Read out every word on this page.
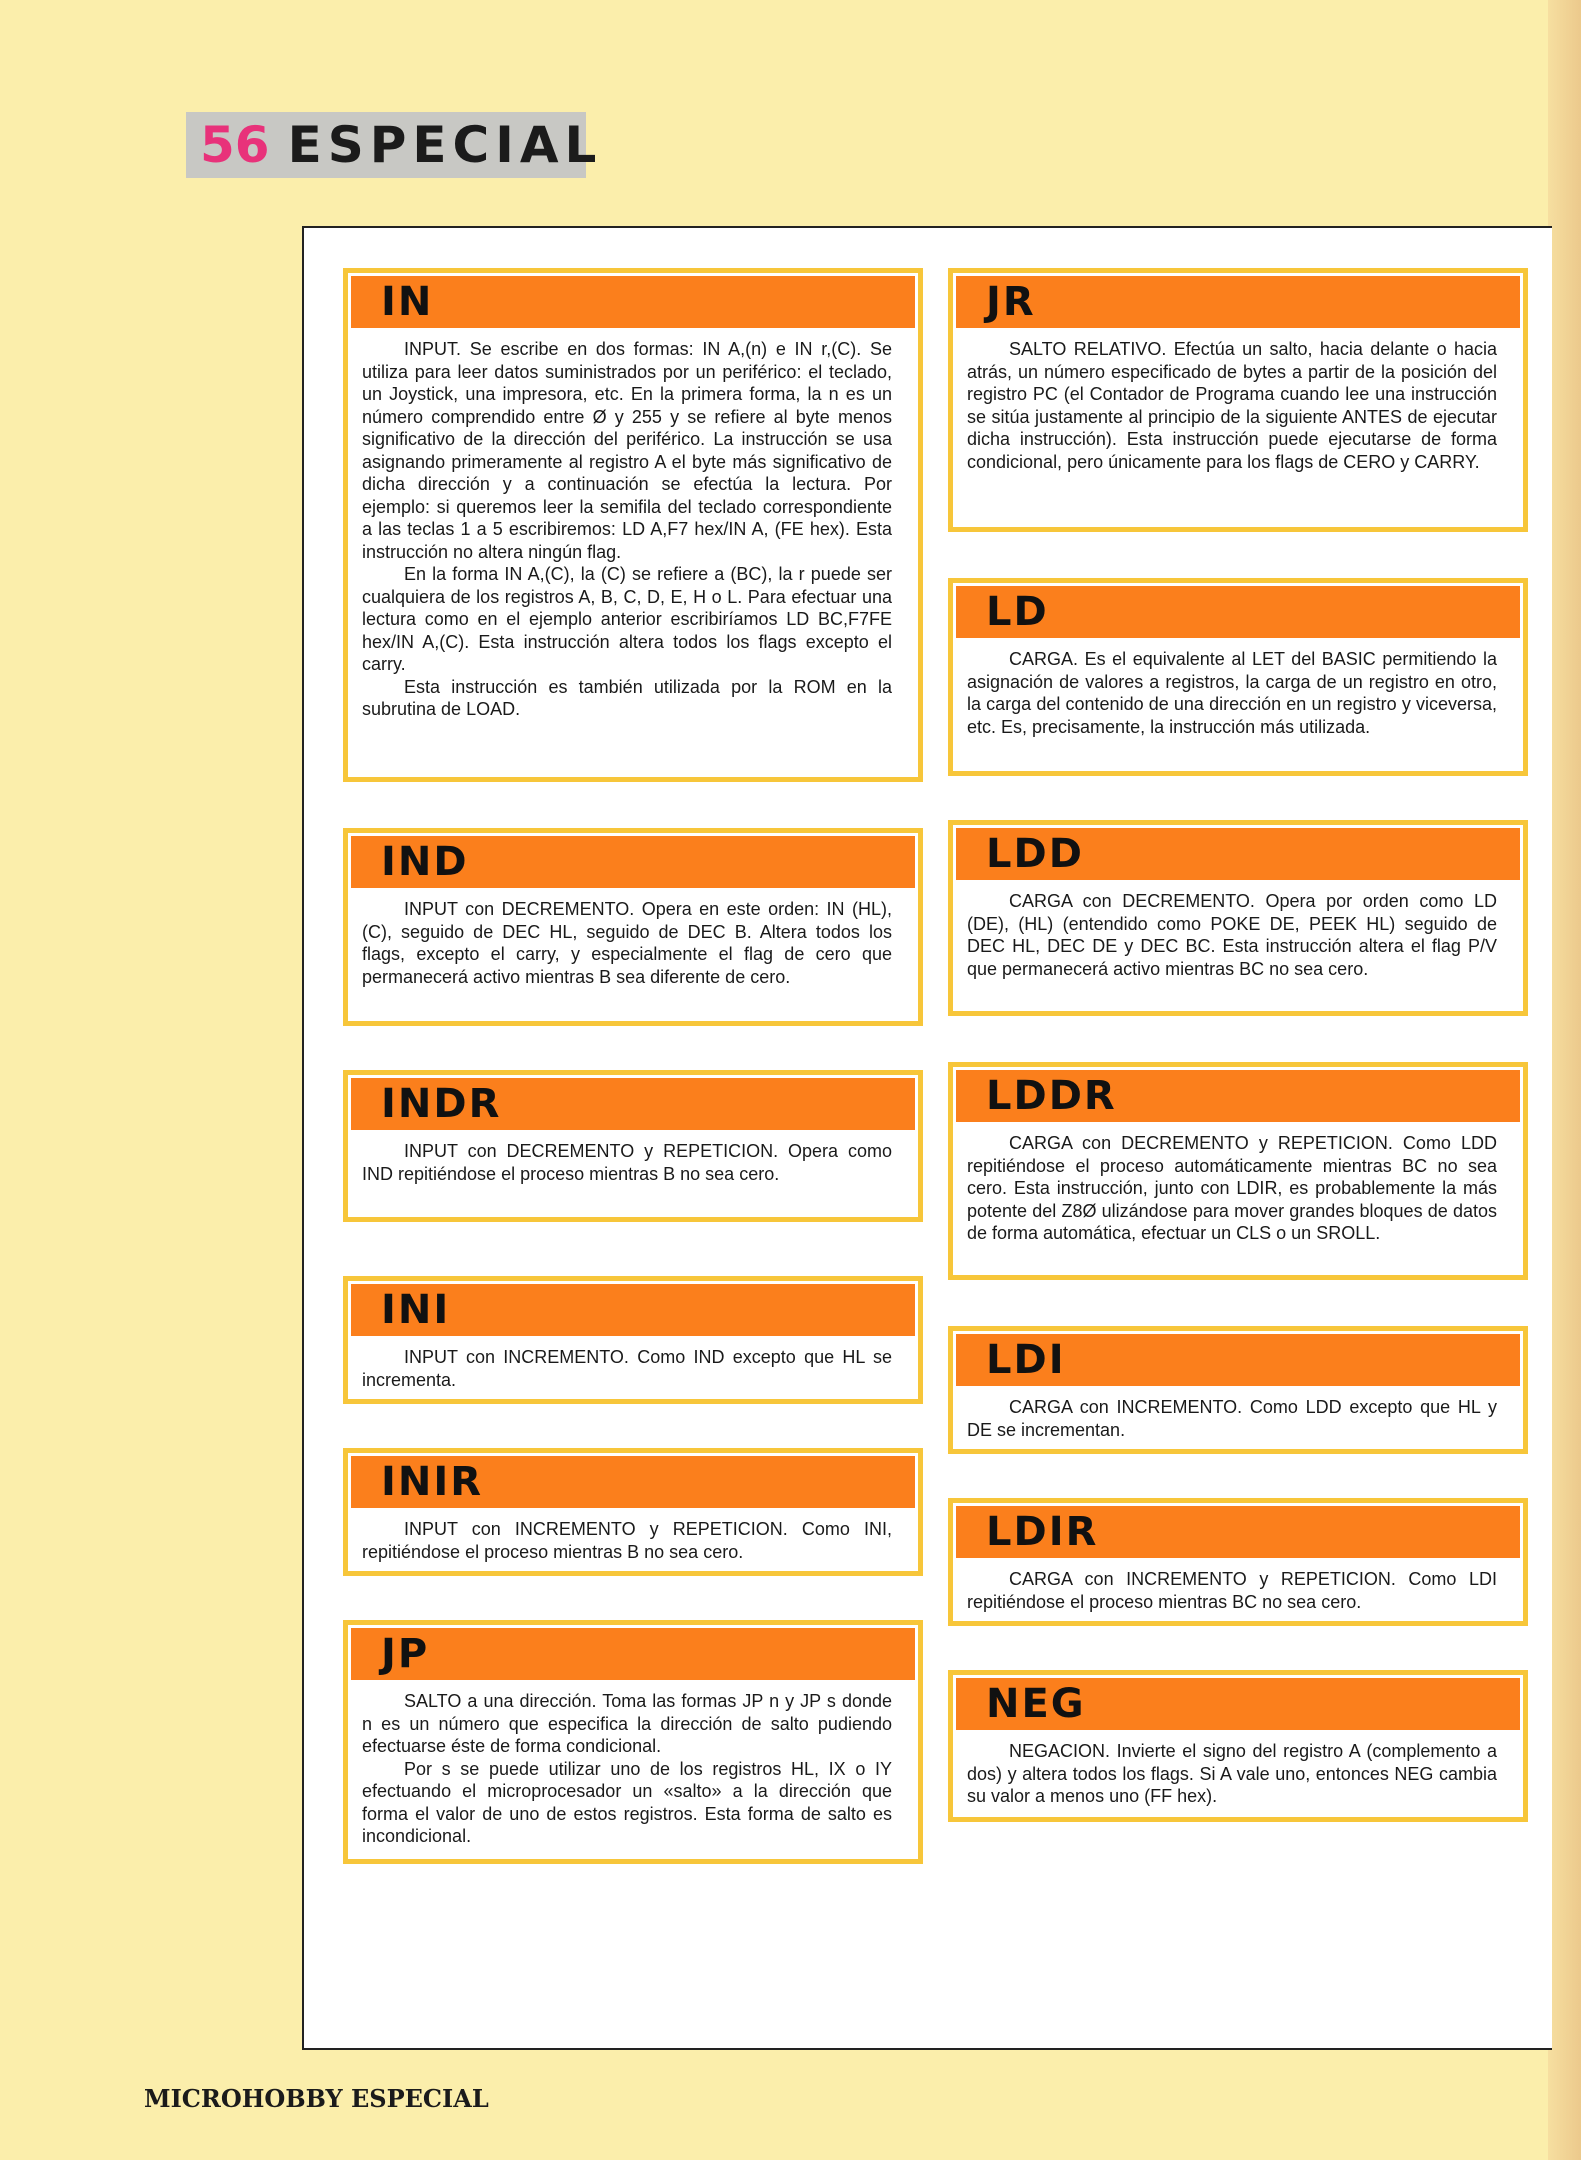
56 ESPECIAL
IN

INPUT. Se escribe en dos formas: IN A,(n) e IN r,(C). Se utiliza para leer datos suministrados por un periférico: el teclado, un Joystick, una impresora, etc. En la primera forma, la n es un número comprendido entre Ø y 255 y se refiere al byte menos significativo de la dirección del periférico. La instrucción se usa asignando primeramente al registro A el byte más significativo de dicha dirección y a continuación se efectúa la lectura. Por ejemplo: si queremos leer la semifila del teclado correspondiente a las teclas 1 a 5 escribiremos: LD A,F7 hex/IN A, (FE hex). Esta instrucción no altera ningún flag.

En la forma IN A,(C), la (C) se refiere a (BC), la r puede ser cualquiera de los registros A, B, C, D, E, H o L. Para efectuar una lectura como en el ejemplo anterior escribiríamos LD BC,F7FE hex/IN A,(C). Esta instrucción altera todos los flags excepto el carry.

Esta instrucción es también utilizada por la ROM en la subrutina de LOAD.

IND

INPUT con DECREMENTO. Opera en este orden: IN (HL), (C), seguido de DEC HL, seguido de DEC B. Altera todos los flags, excepto el carry, y especialmente el flag de cero que permanecerá activo mientras B sea diferente de cero.

INDR

INPUT con DECREMENTO y REPETICION. Opera como IND repitiéndose el proceso mientras B no sea cero.

INI

INPUT con INCREMENTO. Como IND excepto que HL se incrementa.

INIR

INPUT con INCREMENTO y REPETICION. Como INI, repitiéndose el proceso mientras B no sea cero.

JP

SALTO a una dirección. Toma las formas JP n y JP s donde n es un número que especifica la dirección de salto pudiendo efectuarse éste de forma condicional.

Por s se puede utilizar uno de los registros HL, IX o IY efectuando el microprocesador un «salto» a la dirección que forma el valor de uno de estos registros. Esta forma de salto es incondicional.

JR

SALTO RELATIVO. Efectúa un salto, hacia delante o hacia atrás, un número especificado de bytes a partir de la posición del registro PC (el Contador de Programa cuando lee una instrucción se sitúa justamente al principio de la siguiente ANTES de ejecutar dicha instrucción). Esta instrucción puede ejecutarse de forma condicional, pero únicamente para los flags de CERO y CARRY.

LD

CARGA. Es el equivalente al LET del BASIC permitiendo la asignación de valores a registros, la carga de un registro en otro, la carga del contenido de una dirección en un registro y viceversa, etc. Es, precisamente, la instrucción más utilizada.

LDD

CARGA con DECREMENTO. Opera por orden como LD (DE), (HL) (entendido como POKE DE, PEEK HL) seguido de DEC HL, DEC DE y DEC BC. Esta instrucción altera el flag P/V que permanecerá activo mientras BC no sea cero.

LDDR

CARGA con DECREMENTO y REPETICION. Como LDD repitiéndose el proceso automáticamente mientras BC no sea cero. Esta instrucción, junto con LDIR, es probablemente la más potente del Z8Ø ulizándose para mover grandes bloques de datos de forma automática, efectuar un CLS o un SROLL.

LDI

CARGA con INCREMENTO. Como LDD excepto que HL y DE se incrementan.

LDIR

CARGA con INCREMENTO y REPETICION. Como LDI repitiéndose el proceso mientras BC no sea cero.

NEG

NEGACION. Invierte el signo del registro A (complemento a dos) y altera todos los flags. Si A vale uno, entonces NEG cambia su valor a menos uno (FF hex).

MICROHOBBY ESPECIAL
